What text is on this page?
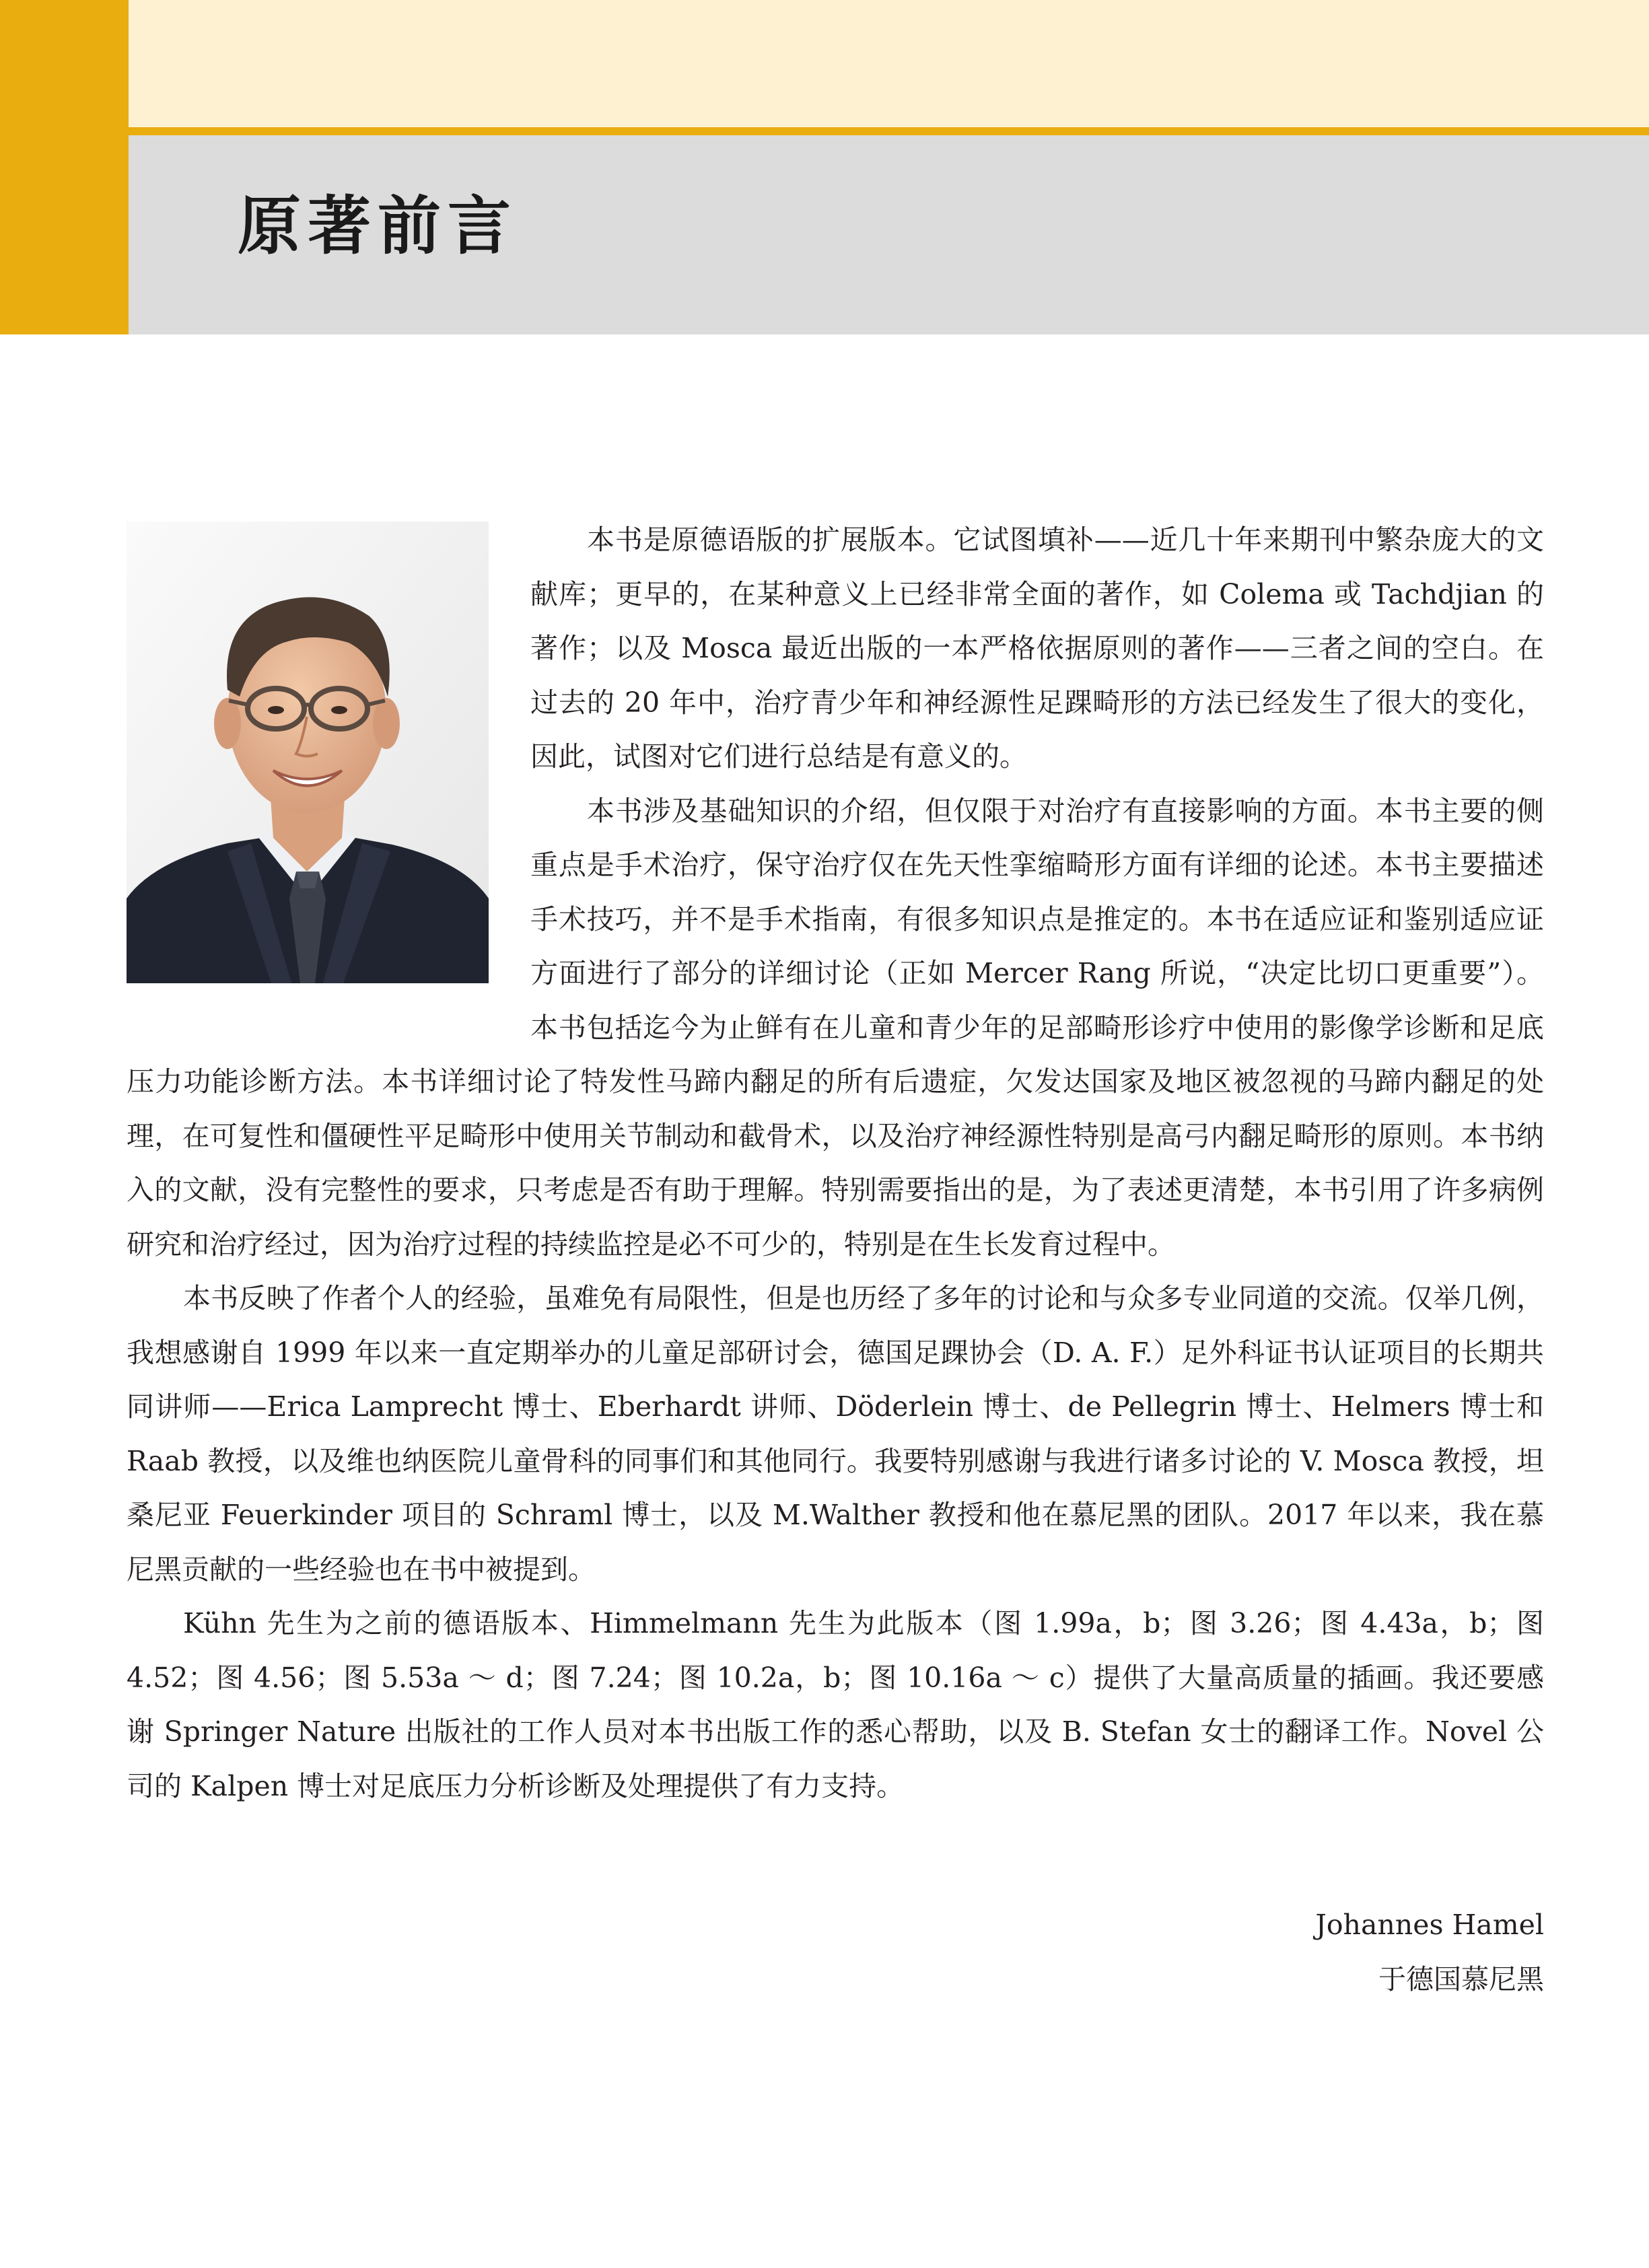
原著前言

本书是原德语版的扩展版本。它试图填补——近几十年来期刊中繁杂庞大的文献库；更早的，在某种意义上已经非常全面的著作，如 Colema 或 Tachdjian 的著作；以及 Mosca 最近出版的一本严格依据原则的著作——三者之间的空白。在过去的 20 年中，治疗青少年和神经源性足踝畸形的方法已经发生了很大的变化，因此，试图对它们进行总结是有意义的。

本书涉及基础知识的介绍，但仅限于对治疗有直接影响的方面。本书主要的侧重点是手术治疗，保守治疗仅在先天性挛缩畸形方面有详细的论述。本书主要描述手术技巧，并不是手术指南，有很多知识点是推定的。本书在适应证和鉴别适应证方面进行了部分的详细讨论（正如 Mercer Rang 所说，“决定比切口更重要”）。本书包括迄今为止鲜有在儿童和青少年的足部畸形诊疗中使用的影像学诊断和足底压力功能诊断方法。本书详细讨论了特发性马蹄内翻足的所有后遗症，欠发达国家及地区被忽视的马蹄内翻足的处理，在可复性和僵硬性平足畸形中使用关节制动和截骨术，以及治疗神经源性特别是高弓内翻足畸形的原则。本书纳入的文献，没有完整性的要求，只考虑是否有助于理解。特别需要指出的是，为了表述更清楚，本书引用了许多病例研究和治疗经过，因为治疗过程的持续监控是必不可少的，特别是在生长发育过程中。

本书反映了作者个人的经验，虽难免有局限性，但是也历经了多年的讨论和与众多专业同道的交流。仅举几例，我想感谢自 1999 年以来一直定期举办的儿童足部研讨会，德国足踝协会（D. A. F.）足外科证书认证项目的长期共同讲师——Erica Lamprecht 博士、Eberhardt 讲师、Döderlein 博士、de Pellegrin 博士、Helmers 博士和 Raab 教授，以及维也纳医院儿童骨科的同事们和其他同行。我要特别感谢与我进行诸多讨论的 V. Mosca 教授，坦桑尼亚 Feuerkinder 项目的 Schraml 博士，以及 M.Walther 教授和他在慕尼黑的团队。2017 年以来，我在慕尼黑贡献的一些经验也在书中被提到。

Kühn 先生为之前的德语版本、Himmelmann 先生为此版本（图 1.99a，b；图 3.26；图 4.43a，b；图 4.52；图 4.56；图 5.53a ～ d；图 7.24；图 10.2a，b；图 10.16a ～ c）提供了大量高质量的插画。我还要感谢 Springer Nature 出版社的工作人员对本书出版工作的悉心帮助，以及 B. Stefan 女士的翻译工作。Novel 公司的 Kalpen 博士对足底压力分析诊断及处理提供了有力支持。

Johannes Hamel
于德国慕尼黑
